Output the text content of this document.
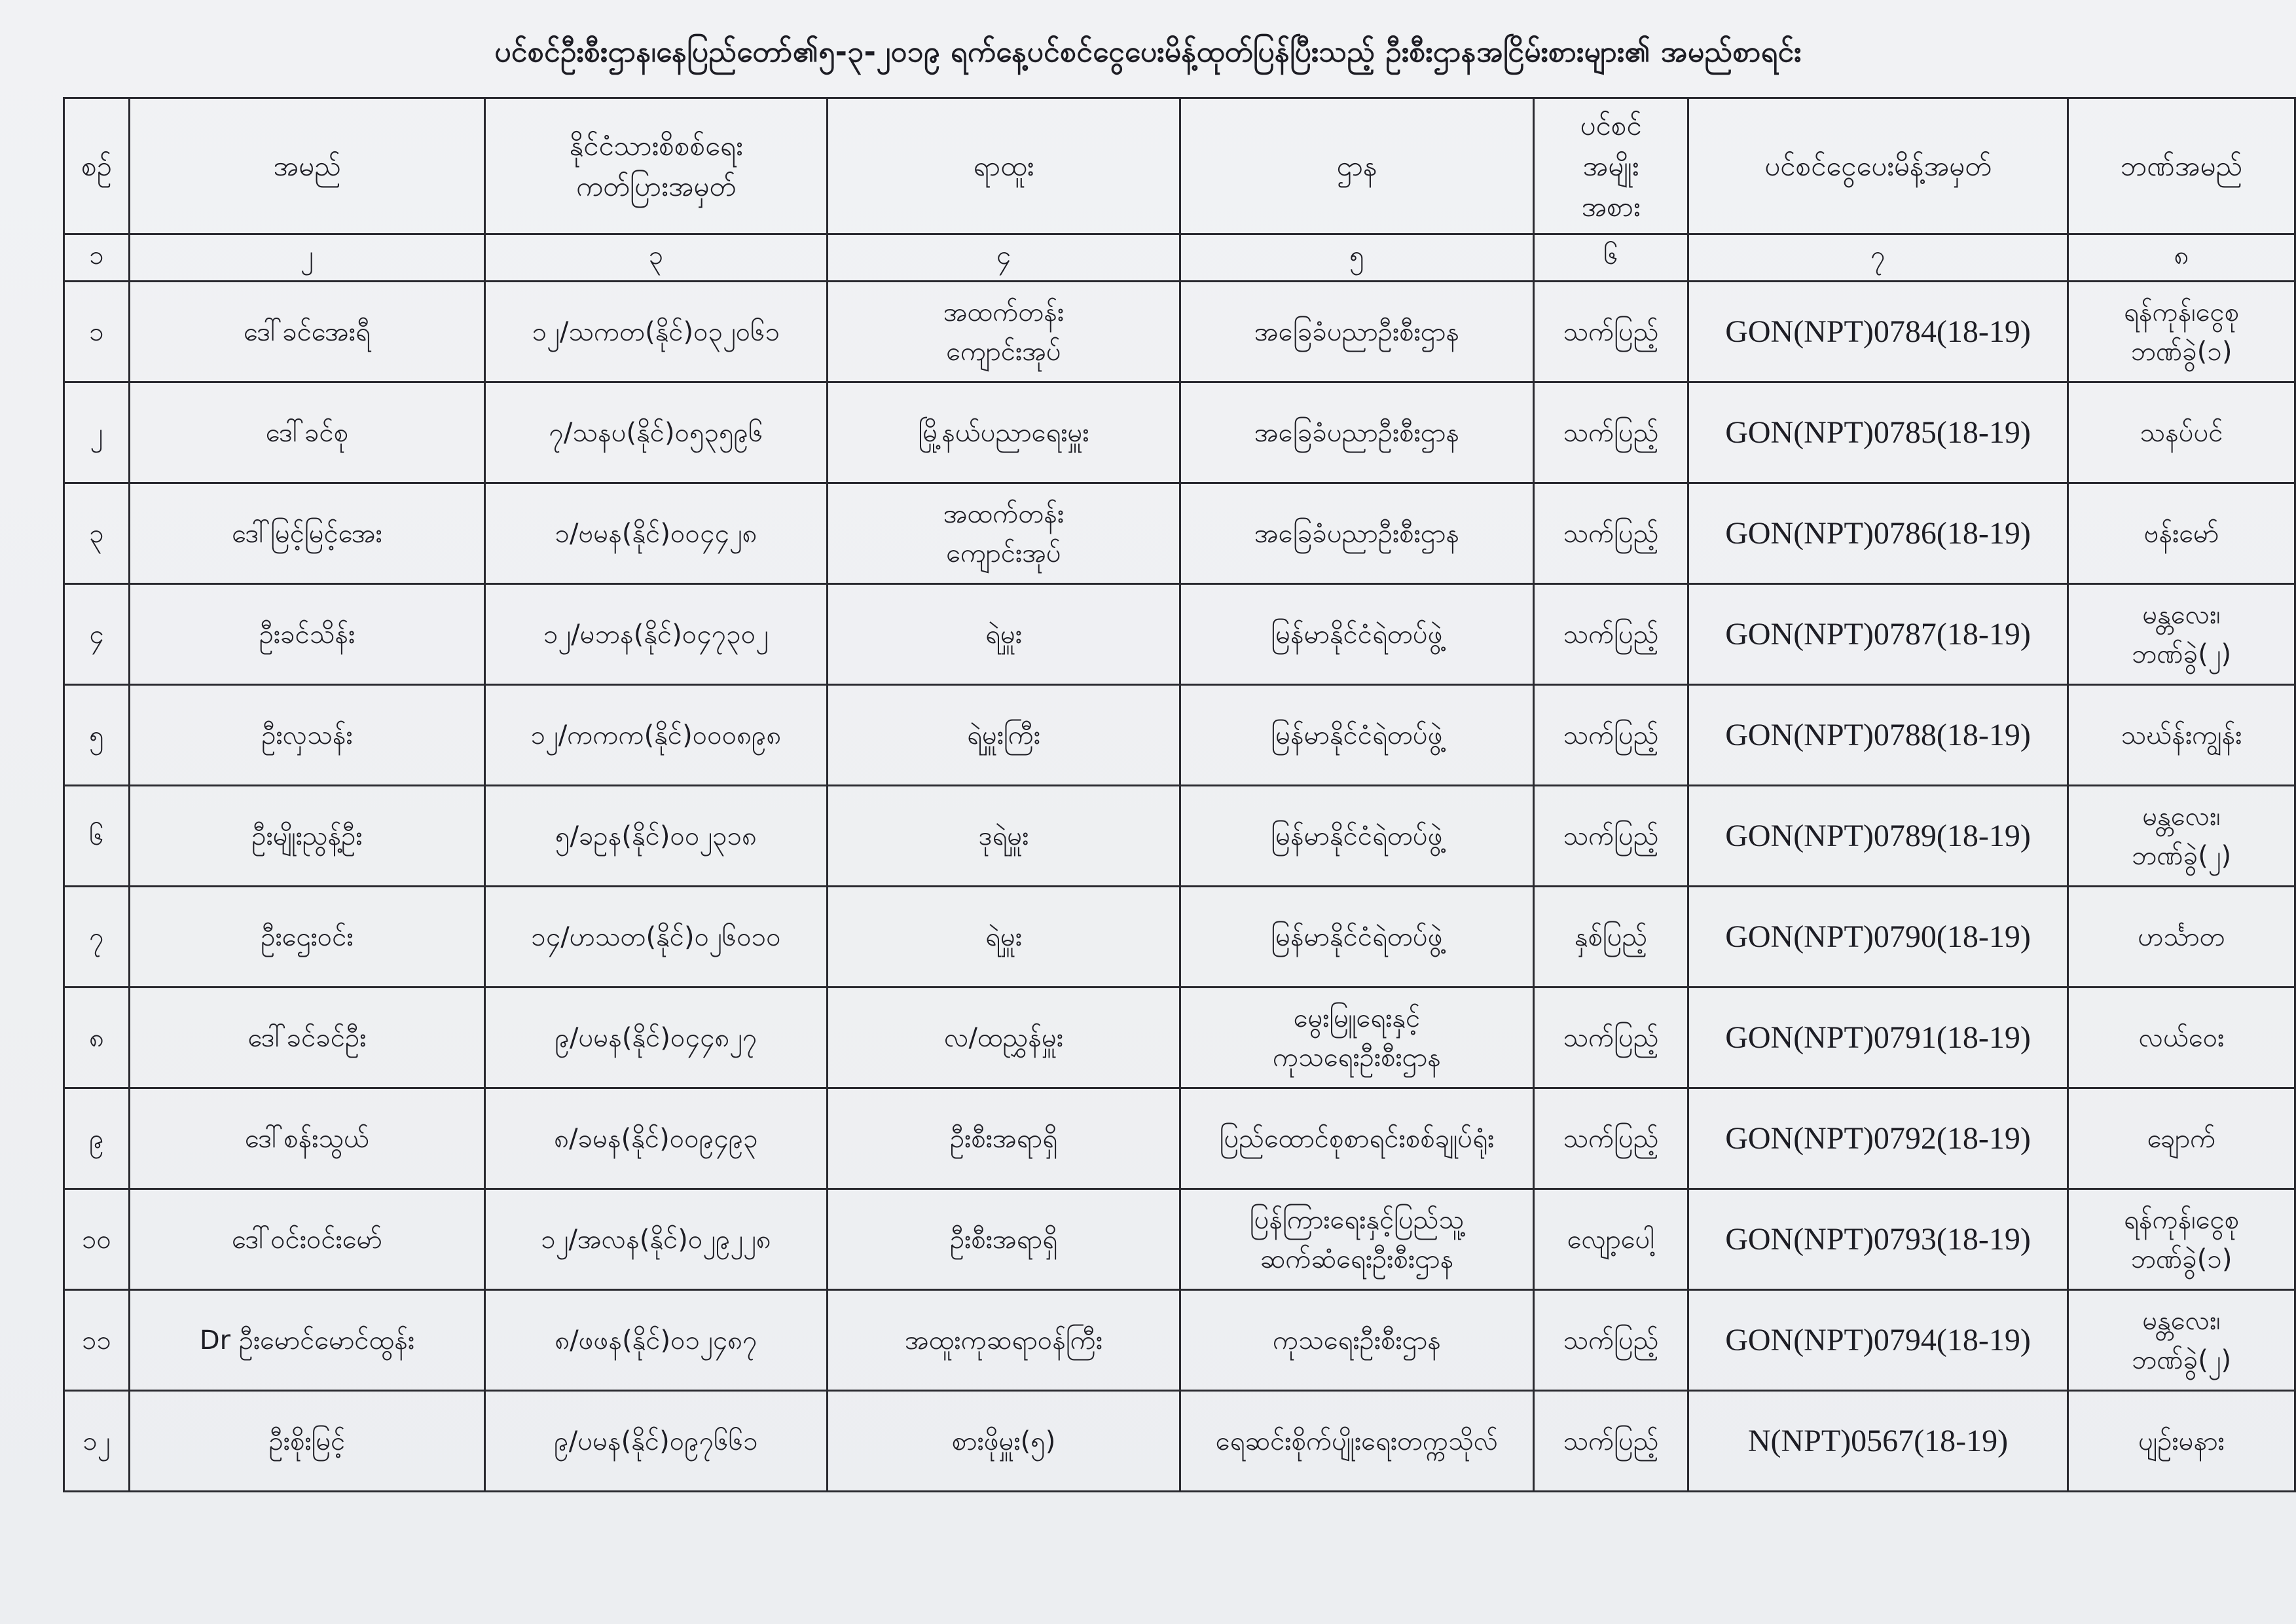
ပင်စင်ဦးစီးဌာန၊နေပြည်တော်၏၅-၃-၂၀၁၉ ရက်နေ့ပင်စင်ငွေပေးမိန့်ထုတ်ပြန်ပြီးသည့် ဦးစီးဌာနအငြိမ်းစားများ၏ အမည်စာရင်း
စဉ်	အမည်	နိုင်ငံသားစိစစ်ရေး
ကတ်ပြားအမှတ်	ရာထူး	ဌာန	ပင်စင်
အမျိုး
အစား	ပင်စင်ငွေပေးမိန့်အမှတ်	ဘဏ်အမည်

၁	၂	၃	၄	၅	၆	၇	၈

၁	ဒေါ်ခင်အေးရီ	၁၂/သကတ(နိုင်)၀၃၂၀၆၁	အထက်တန်း
ကျောင်းအုပ်	အခြေခံပညာဦးစီးဌာန	သက်ပြည့်	GON(NPT)0784(18-19)	ရန်ကုန်၊ငွေစု
ဘဏ်ခွဲ(၁)

၂	ဒေါ်ခင်စု	၇/သနပ(နိုင်)၀၅၃၅၉၆	မြို့နယ်ပညာရေးမှူး	အခြေခံပညာဦးစီးဌာန	သက်ပြည့်	GON(NPT)0785(18-19)	သနပ်ပင်

၃	ဒေါ်မြင့်မြင့်အေး	၁/ဗမန(နိုင်)၀၀၄၄၂၈	အထက်တန်း
ကျောင်းအုပ်	အခြေခံပညာဦးစီးဌာန	သက်ပြည့်	GON(NPT)0786(18-19)	ဗန်းမော်

၄	ဦးခင်သိန်း	၁၂/မဘန(နိုင်)၀၄၇၃၀၂	ရဲမှူး	မြန်မာနိုင်ငံရဲတပ်ဖွဲ့	သက်ပြည့်	GON(NPT)0787(18-19)	မန္တလေး၊
ဘဏ်ခွဲ(၂)

၅	ဦးလှသန်း	၁၂/ကကက(နိုင်)၀၀၀၈၉၈	ရဲမှူးကြီး	မြန်မာနိုင်ငံရဲတပ်ဖွဲ့	သက်ပြည့်	GON(NPT)0788(18-19)	သဃ်န်းကျွန်း

၆	ဦးမျိုးညွန့်ဦး	၅/ခဥန(နိုင်)၀၀၂၃၁၈	ဒုရဲမှူး	မြန်မာနိုင်ငံရဲတပ်ဖွဲ့	သက်ပြည့်	GON(NPT)0789(18-19)	မန္တလေး၊
ဘဏ်ခွဲ(၂)

၇	ဦးဌေးဝင်း	၁၄/ဟသတ(နိုင်)၀၂၆၀၁၀	ရဲမှူး	မြန်မာနိုင်ငံရဲတပ်ဖွဲ့	နှစ်ပြည့်	GON(NPT)0790(18-19)	ဟင်္သာတ

၈	ဒေါ်ခင်ခင်ဦး	၉/ပမန(နိုင်)၀၄၄၈၂၇	လ/ထညွှန်မှူး	မွေးမြူရေးနှင့်
ကုသရေးဦးစီးဌာန	သက်ပြည့်	GON(NPT)0791(18-19)	လယ်ဝေး

၉	ဒေါ်စန်းသွယ်	၈/ခမန(နိုင်)၀၀၉၄၉၃	ဦးစီးအရာရှိ	ပြည်ထောင်စုစာရင်းစစ်ချုပ်ရုံး	သက်ပြည့်	GON(NPT)0792(18-19)	ချောက်

၁၀	ဒေါ်ဝင်းဝင်းမော်	၁၂/အလန(နိုင်)၀၂၉၂၂၈	ဦးစီးအရာရှိ	ပြန်ကြားရေးနှင့်ပြည်သူ့
ဆက်ဆံရေးဦးစီးဌာန	လျော့ပေါ့	GON(NPT)0793(18-19)	ရန်ကုန်၊ငွေစု
ဘဏ်ခွဲ(၁)

၁၁	Dr ဦးမောင်မောင်ထွန်း	၈/ဖဖန(နိုင်)၀၁၂၄၈၇	အထူးကုဆရာဝန်ကြီး	ကုသရေးဦးစီးဌာန	သက်ပြည့်	GON(NPT)0794(18-19)	မန္တလေး၊
ဘဏ်ခွဲ(၂)

၁၂	ဦးစိုးမြင့်	၉/ပမန(နိုင်)၀၉၇၆၆၁	စားဖိုမှူး(၅)	ရေဆင်းစိုက်ပျိုးရေးတက္ကသိုလ်	သက်ပြည့်	N(NPT)0567(18-19)	ပျဉ်းမနား
